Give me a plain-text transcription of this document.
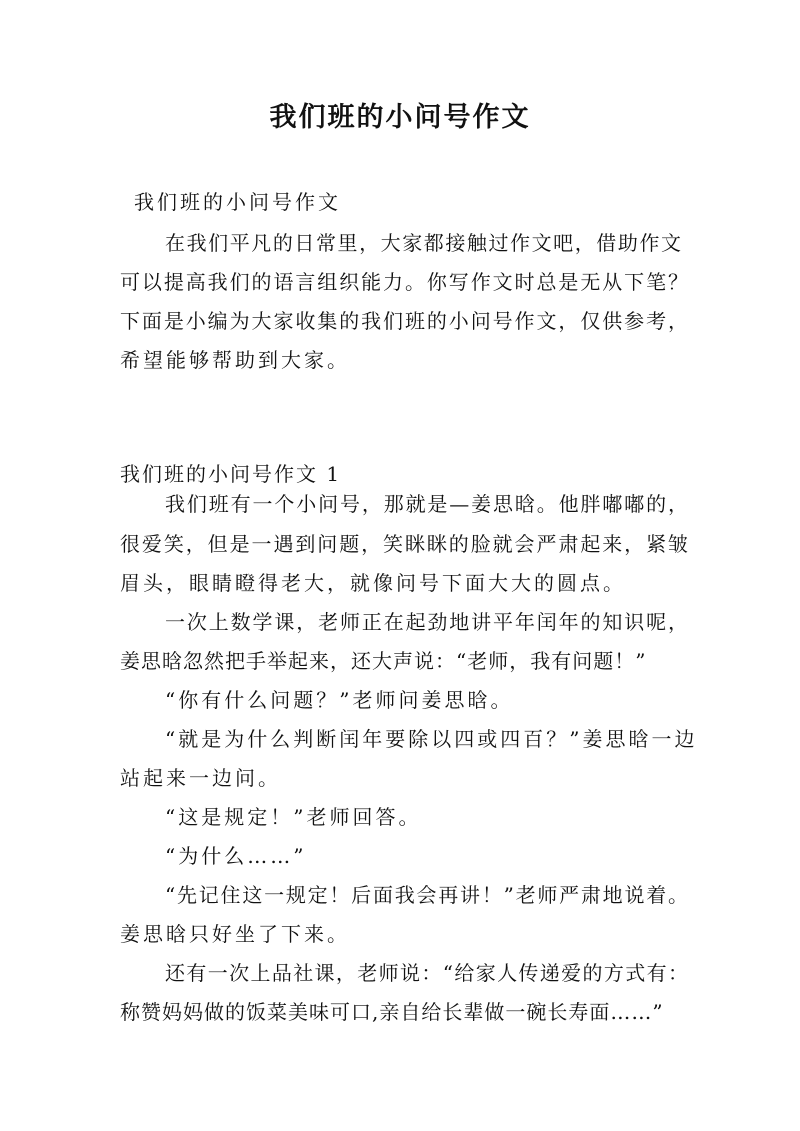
我们班的小问号作文
我们班的小问号作文
在我们平凡的日常里，大家都接触过作文吧，借助作文
可以提高我们的语言组织能力。你写作文时总是无从下笔？
下面是小编为大家收集的我们班的小问号作文，仅供参考，
希望能够帮助到大家。
我们班的小问号作文 1
我们班有一个小问号，那就是—姜思晗。他胖嘟嘟的，
很爱笑，但是一遇到问题，笑眯眯的脸就会严肃起来，紧皱
眉头，眼睛瞪得老大，就像问号下面大大的圆点。
一次上数学课，老师正在起劲地讲平年闰年的知识呢，
姜思晗忽然把手举起来，还大声说：“老师，我有问题！”
“你有什么问题？”老师问姜思晗。
“就是为什么判断闰年要除以四或四百？”姜思晗一边
站起来一边问。
“这是规定！”老师回答。
“为什么……”
“先记住这一规定！后面我会再讲！”老师严肃地说着。
姜思晗只好坐了下来。
还有一次上品社课，老师说：“给家人传递爱的方式有：
称赞妈妈做的饭菜美味可口,亲自给长辈做一碗长寿面……”
